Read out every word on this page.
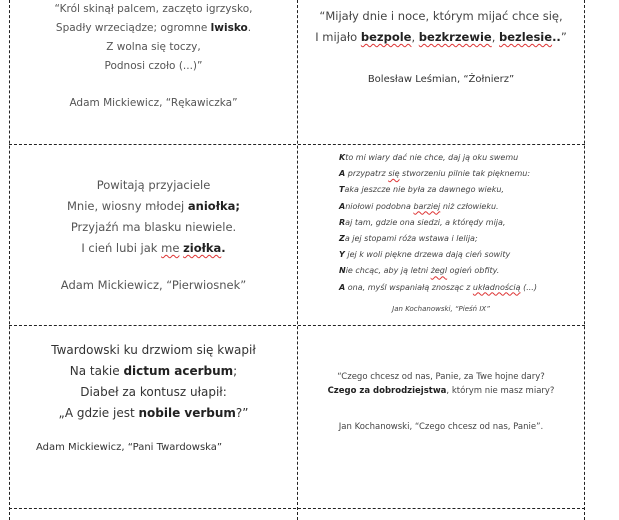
“Król skinął palcem, zaczęto igrzysko,
Spadły wrzeciądze; ogromne lwisko.
Z wolna się toczy,
Podnosi czoło (...)”
Adam Mickiewicz, “Rękawiczka”
“Mijały dnie i noce, którym mijać chce się,
I mijało bezpole, bezkrzewie, bezlesie..”
Bolesław Leśmian, “Żołnierz”
Powitają przyjaciele
Mnie, wiosny młodej aniołka;
Przyjaźń ma blasku niewiele.
I cień lubi jak me ziołka.
Adam Mickiewicz, “Pierwiosnek”
Kto mi wiary dać nie chce, daj ją oku swemu
A przypatrz się stworzeniu pilnie tak pięknemu:
Taka jeszcze nie była za dawnego wieku,
Aniołowi podobna barziej niż człowieku.
Raj tam, gdzie ona siedzi, a którędy mija,
Za jej stopami róża wstawa i lelija;
Y jej k woli piękne drzewa dają cień sowity
Nie chcąc, aby ją letni żegl ogień obfity.
A ona, myśl wspaniałą znosząc z układnością (...)
Jan Kochanowski, “Pieśń IX”
Twardowski ku drzwiom się kwapił
Na takie dictum acerbum;
Diabeł za kontusz ułapił:
„A gdzie jest nobile verbum?”
Adam Mickiewicz, “Pani Twardowska”
“Czego chcesz od nas, Panie, za Twe hojne dary?
Czego za dobrodziejstwa, którym nie masz miary?
Jan Kochanowski, “Czego chcesz od nas, Panie”.
